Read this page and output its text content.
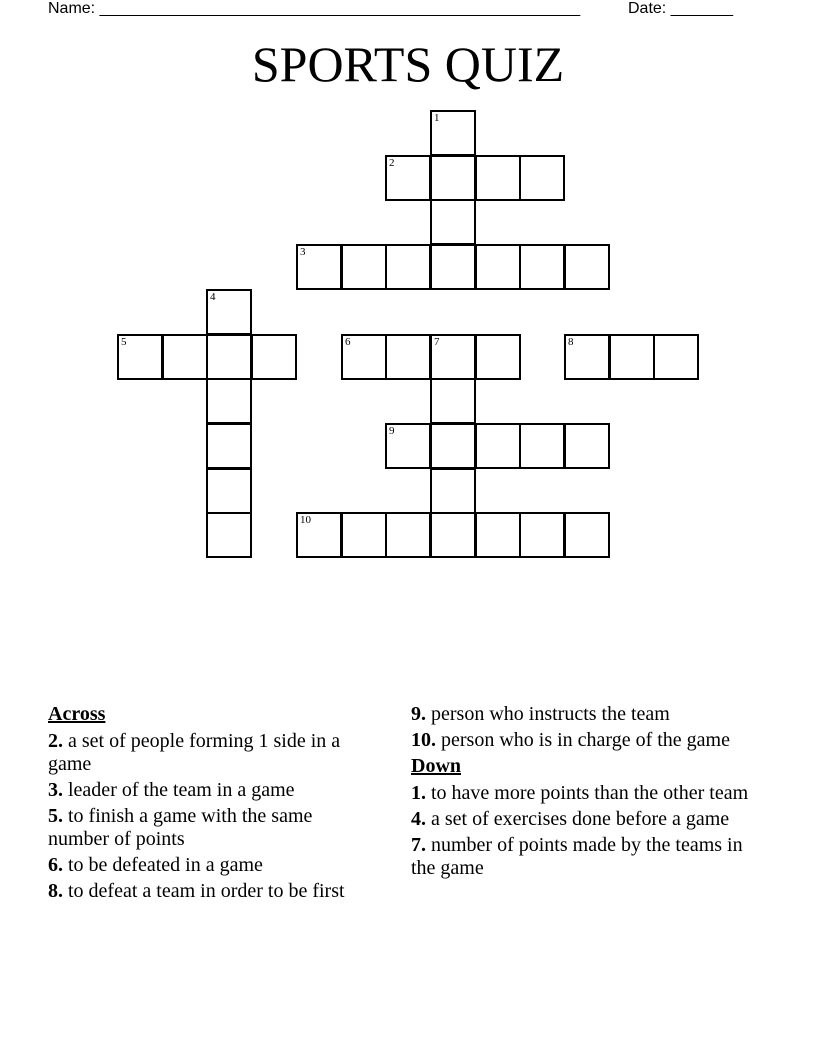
Name: ______________________________________________________	Date: _______
SPORTS QUIZ
1
2
3
4
5	6	7	8
9
10
Across
2. a set of people forming 1 side in a game
3. leader of the team in a game
5. to finish a game with the same number of points
6. to be defeated in a game
8. to defeat a team in order to be first
9. person who instructs the team
10. person who is in charge of the game
Down
1. to have more points than the other team
4. a set of exercises done before a game
7. number of points made by the teams in the game
